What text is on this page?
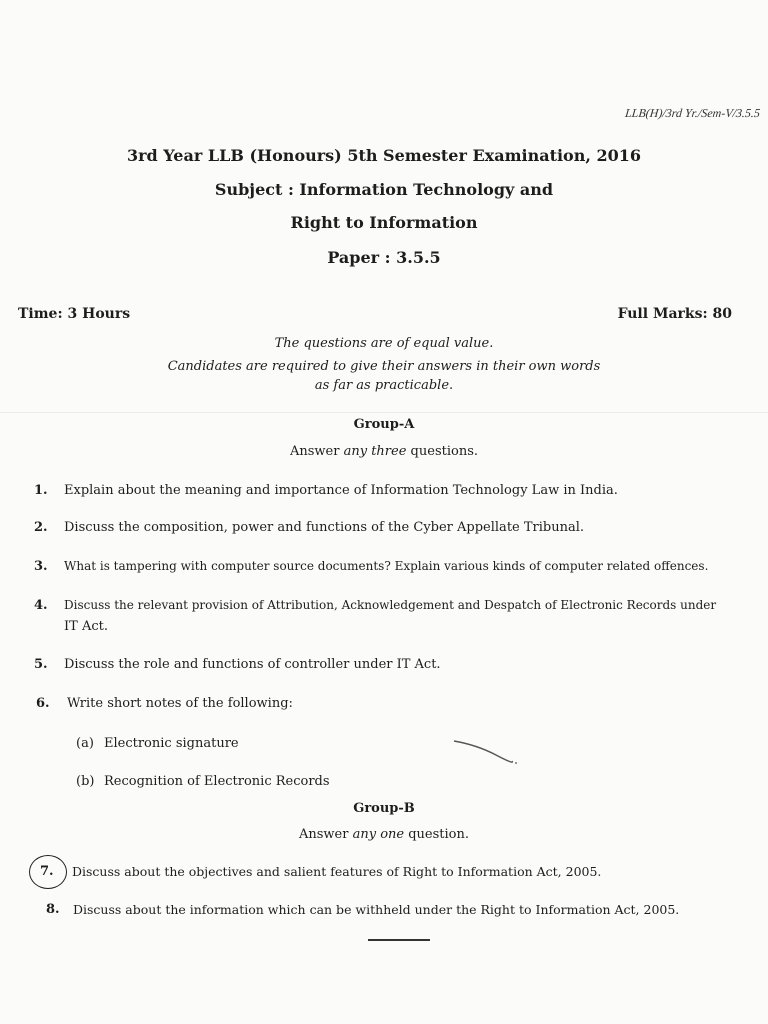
LLB(H)/3rd Yr./Sem-V/3.5.5
3rd Year LLB (Honours) 5th Semester Examination, 2016
Subject : Information Technology and
Right to Information
Paper : 3.5.5
Time: 3 Hours	Full Marks: 80
The questions are of equal value.
Candidates are required to give their answers in their own words
as far as practicable.
Group-A
Answer any three questions.
1. Explain about the meaning and importance of Information Technology Law in India.
2. Discuss the composition, power and functions of the Cyber Appellate Tribunal.
3. What is tampering with computer source documents? Explain various kinds of computer related offences.
4. Discuss the relevant provision of Attribution, Acknowledgement and Despatch of Electronic Records under
IT Act.
5. Discuss the role and functions of controller under IT Act.
6. Write short notes of the following:
(a) Electronic signature
(b) Recognition of Electronic Records
Group-B
Answer any one question.
7. Discuss about the objectives and salient features of Right to Information Act, 2005.
8. Discuss about the information which can be withheld under the Right to Information Act, 2005.
